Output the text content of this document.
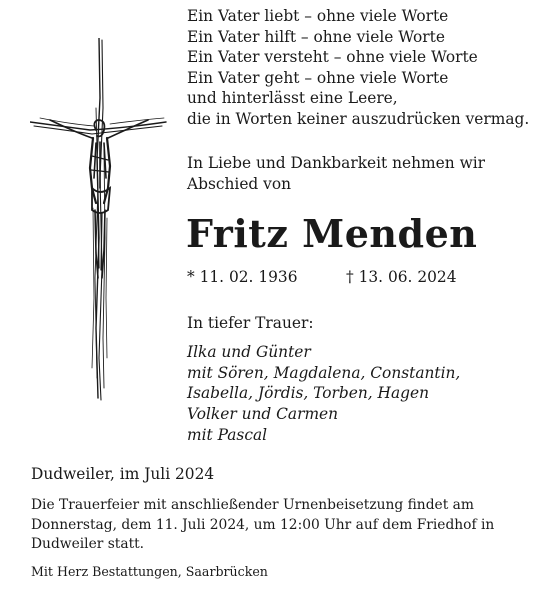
Ein Vater liebt – ohne viele Worte
Ein Vater hilft – ohne viele Worte
Ein Vater versteht – ohne viele Worte
Ein Vater geht – ohne viele Worte
und hinterlässt eine Leere,
die in Worten keiner auszudrücken vermag.
In Liebe und Dankbarkeit nehmen wir
Abschied von
Fritz Menden
* 11. 02. 1936	† 13. 06. 2024
In tiefer Trauer:
Ilka und Günter
mit Sören, Magdalena, Constantin,
Isabella, Jördis, Torben, Hagen
Volker und Carmen
mit Pascal
Dudweiler, im Juli 2024
Die Trauerfeier mit anschließender Urnenbeisetzung findet am
Donnerstag, dem 11. Juli 2024, um 12:00 Uhr auf dem Friedhof in
Dudweiler statt.
Mit Herz Bestattungen, Saarbrücken
